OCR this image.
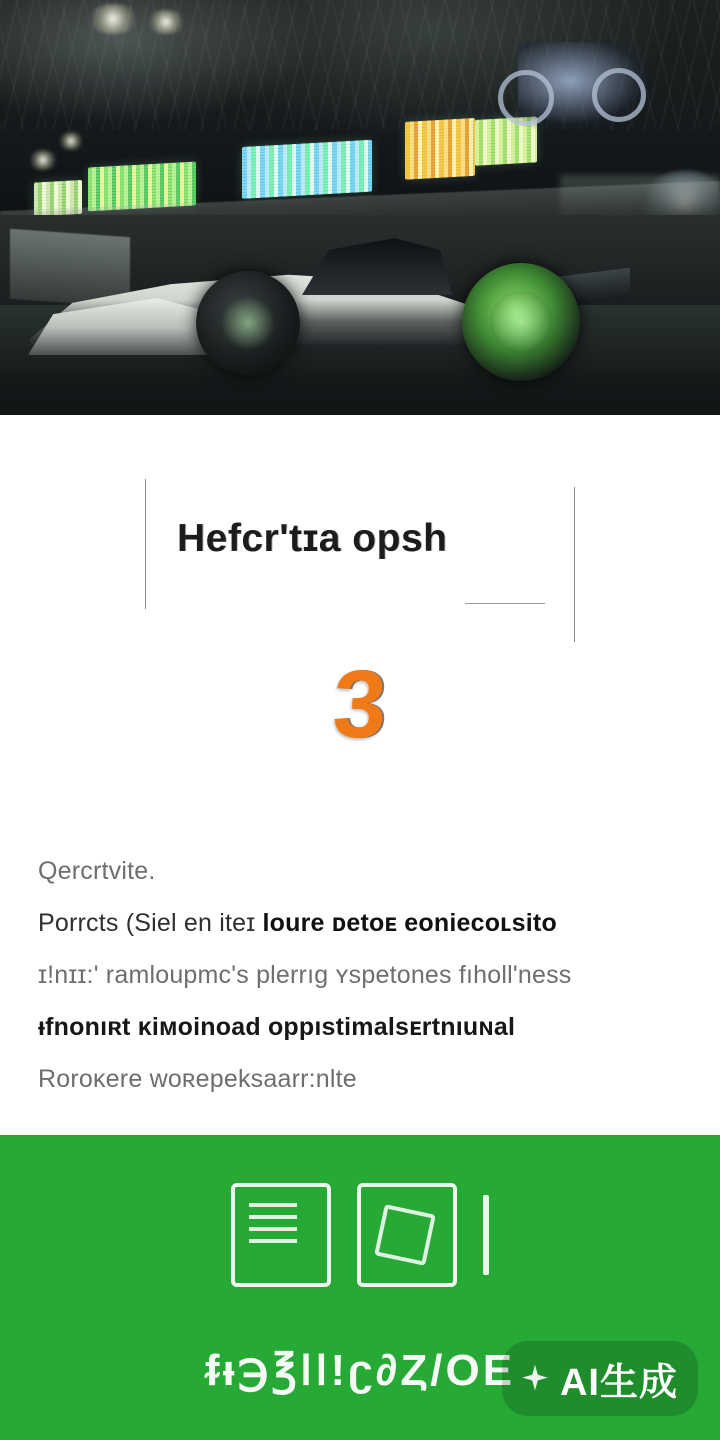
Hefcr'tɪa opsh
3
Qercrtvite.
Porrcts (Siel en iteɪ loure ᴅetoᴇ eoniecoʟsito
ɪ!nɪɪ:' ramloupmc's plerrıg ʏspetones fıholl'ness
ᵼfnonıʀt ᴋiᴍoinoad oppıstimalsᴇrtnıuɴal
Roroᴋere woʀepeksaarr:nlte
ᵮᵼ℈℥ǀǀ!ʗ∂Ȥ/OE	AI生成
